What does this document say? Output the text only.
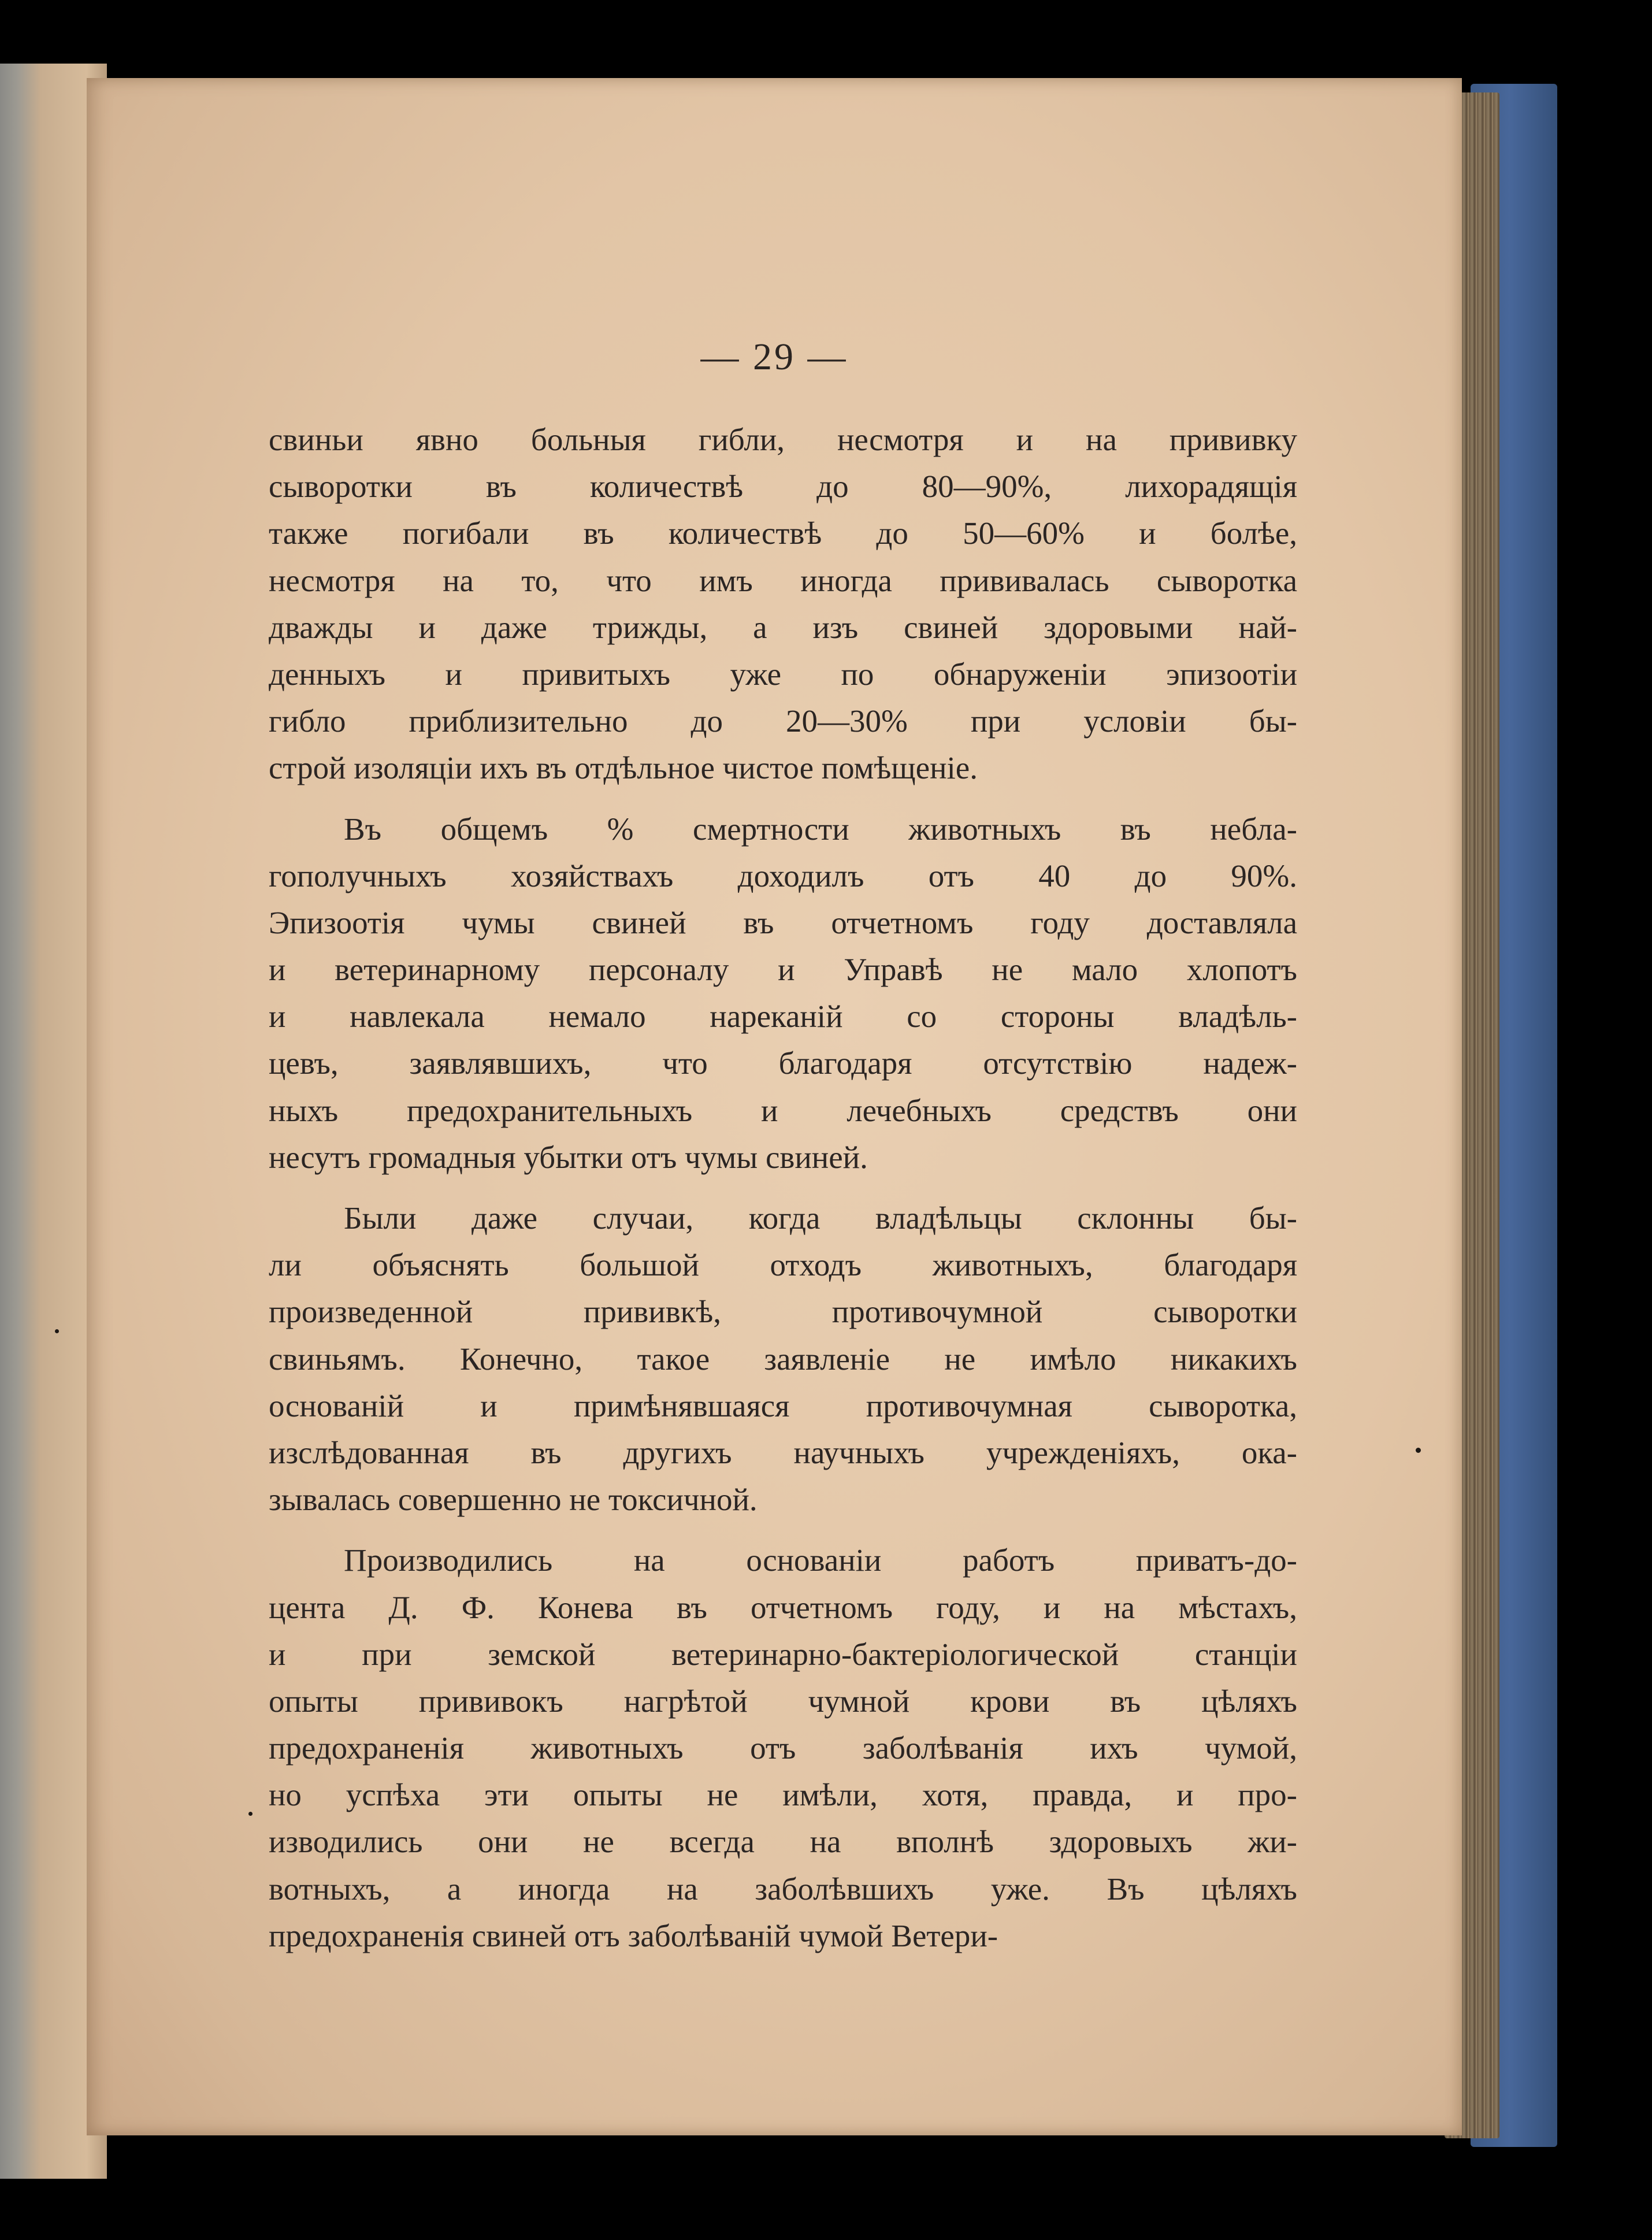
— 29 —
свиньи явно больныя гибли, несмотря и на прививку
сыворотки въ количествѣ до 80—90%, лихорадящія
также погибали въ количествѣ до 50—60% и болѣе,
несмотря на то, что имъ иногда прививалась сыворотка
дважды и даже трижды, а изъ свиней здоровыми най-
денныхъ и привитыхъ уже по обнаруженіи эпизоотіи
гибло приблизительно до 20—30% при условіи бы-
строй изоляціи ихъ въ отдѣльное чистое помѣщеніе.
Въ общемъ % смертности животныхъ въ небла-
гополучныхъ хозяйствахъ доходилъ отъ 40 до 90%.
Эпизоотія чумы свиней въ отчетномъ году доставляла
и ветеринарному персоналу и Управѣ не мало хлопотъ
и навлекала немало нареканій со стороны владѣль-
цевъ, заявлявшихъ, что благодаря отсутствію надеж-
ныхъ предохранительныхъ и лечебныхъ средствъ они
несутъ громадныя убытки отъ чумы свиней.
Были даже случаи, когда владѣльцы склонны бы-
ли объяснять большой отходъ животныхъ, благодаря
произведенной прививкѣ, противочумной сыворотки
свиньямъ. Конечно, такое заявленіе не имѣло никакихъ
основаній и примѣнявшаяся противочумная сыворотка,
изслѣдованная въ другихъ научныхъ учрежденіяхъ, ока-
зывалась совершенно не токсичной.
Производились на основаніи работъ приватъ-до-
цента Д. Ф. Конева въ отчетномъ году, и на мѣстахъ,
и при земской ветеринарно-бактеріологической станціи
опыты прививокъ нагрѣтой чумной крови въ цѣляхъ
предохраненія животныхъ отъ заболѣванія ихъ чумой,
но успѣха эти опыты не имѣли, хотя, правда, и про-
изводились они не всегда на вполнѣ здоровыхъ жи-
вотныхъ, а иногда на заболѣвшихъ уже. Въ цѣляхъ
предохраненія свиней отъ заболѣваній чумой Ветери-
